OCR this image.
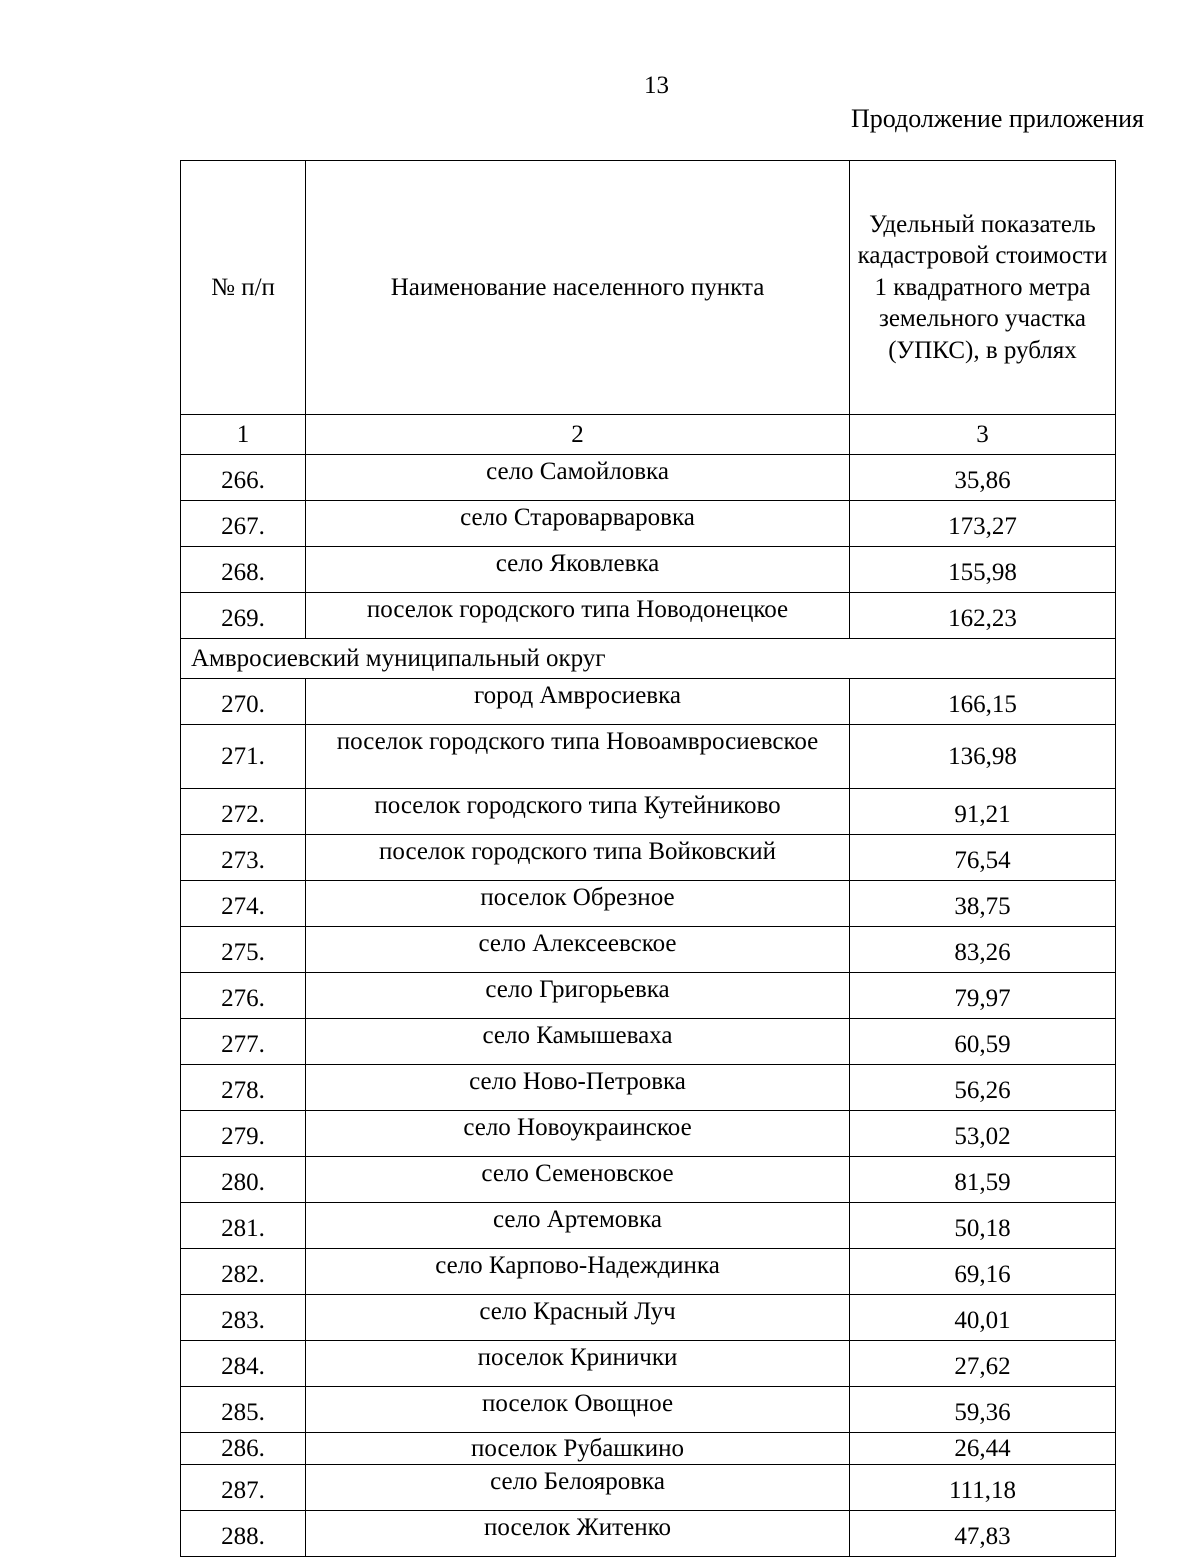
13
Продолжение приложения
№ п/п	Наименование населенного пункта	Удельный показатель кадастровой стоимости 1 квадратного метра земельного участка (УПКС), в рублях
1	2	3
266.	село Самойловка	35,86
267.	село Староварваровка	173,27
268.	село Яковлевка	155,98
269.	поселок городского типа Новодонецкое	162,23
Амвросиевский муниципальный округ		
270.	город Амвросиевка	166,15
271.	поселок городского типа Новоамвросиевское	136,98
272.	поселок городского типа Кутейниково	91,21
273.	поселок городского типа Войковский	76,54
274.	поселок Обрезное	38,75
275.	село Алексеевское	83,26
276.	село Григорьевка	79,97
277.	село Камышеваха	60,59
278.	село Ново-Петровка	56,26
279.	село Новоукраинское	53,02
280.	село Семеновское	81,59
281.	село Артемовка	50,18
282.	село Карпово-Надеждинка	69,16
283.	село Красный Луч	40,01
284.	поселок Кринички	27,62
285.	поселок Овощное	59,36
286.	поселок Рубашкино	26,44
287.	село Белояровка	111,18
288.	поселок Житенко	47,83
